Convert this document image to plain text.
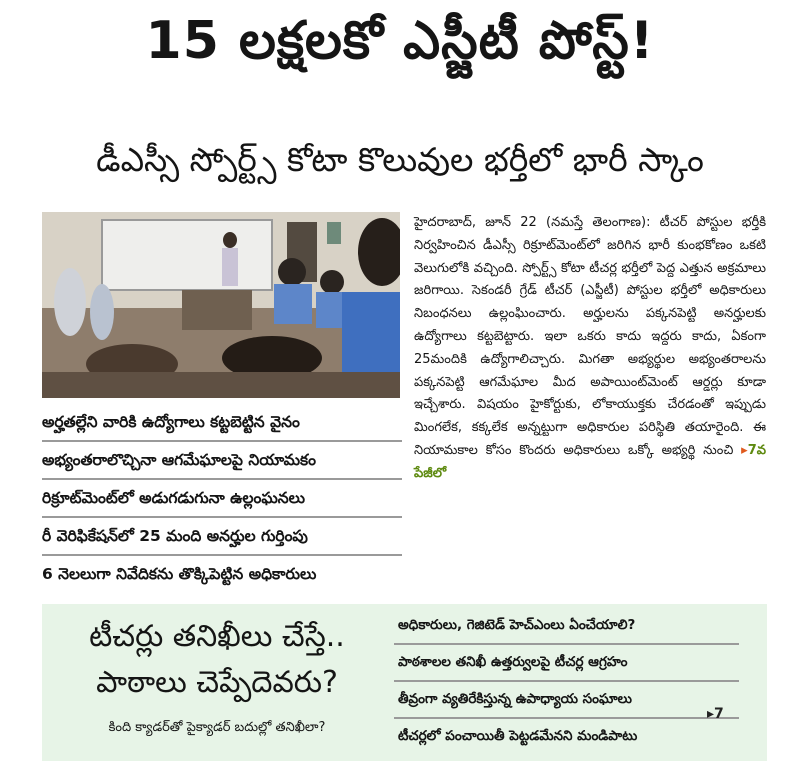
15 లక్షలకో ఎస్జీటీ పోస్ట్!
డీఎస్సీ స్పోర్ట్స్ కోటా కొలువుల భర్తీలో భారీ స్కాం
అర్హతల్లేని వారికి ఉద్యోగాలు కట్టబెట్టిన వైనం
అభ్యంతరాలొచ్చినా ఆగమేఘాలపై నియామకం
రిక్రూట్‌మెంట్‌లో అడుగడుగునా ఉల్లంఘనలు
రీ వెరిఫికేషన్‌లో 25 మంది అనర్హుల గుర్తింపు
6 నెలలుగా నివేదికను తొక్కిపెట్టిన అధికారులు

హైదరాబాద్, జూన్ 22 (నమస్తే తెలంగాణ): టీచర్ పోస్టుల భర్తీకి నిర్వహించిన డీఎస్సీ రిక్రూట్‌మెంట్‌లో జరిగిన భారీ కుంభకోణం ఒకటి వెలుగులోకి వచ్చింది. స్పోర్ట్స్ కోటా టీచర్ల భర్తీలో పెద్ద ఎత్తున అక్రమాలు జరిగాయి. సెకండరీ గ్రేడ్ టీచర్ (ఎస్జీటీ) పోస్టుల భర్తీలో అధికారులు నిబంధనలు ఉల్లంఘించారు. అర్హులను పక్కనపెట్టి అనర్హులకు ఉద్యోగాలు కట్టబెట్టారు. ఇలా ఒకరు కాదు ఇద్దరు కాదు, ఏకంగా 25మందికి ఉద్యోగాలిచ్చారు. మిగతా అభ్యర్థుల అభ్యంతరాలను పక్కనపెట్టి ఆగమేఘాల మీద అపాయింట్‌మెంట్ ఆర్డర్లు కూడా ఇచ్చేశారు. విషయం హైకోర్టుకు, లోకాయుక్తకు చేరడంతో ఇప్పుడు మింగలేక, కక్కలేక అన్నట్టుగా అధికారుల పరిస్థితి తయారైంది. ఈ నియామకాల కోసం కొందరు అధికారులు ఒక్కో అభ్యర్థి నుంచి ▸7వ పేజీలో

టీచర్లు తనిఖీలు చేస్తే..
పాఠాలు చెప్పేదెవరు?
కింది క్యాడర్‌తో పైక్యాడర్ బదుల్లో తనిఖీలా?
అధికారులు, గెజిటెడ్ హెచ్‌ఎంలు ఏంచేయాలి?
పాఠశాలల తనిఖీ ఉత్తర్వులపై టీచర్ల ఆగ్రహం
తీవ్రంగా వ్యతిరేకిస్తున్న ఉపాధ్యాయ సంఘాలు
టీచర్లలో పంచాయితీ పెట్టడమేనని మండిపాటు
▸7
